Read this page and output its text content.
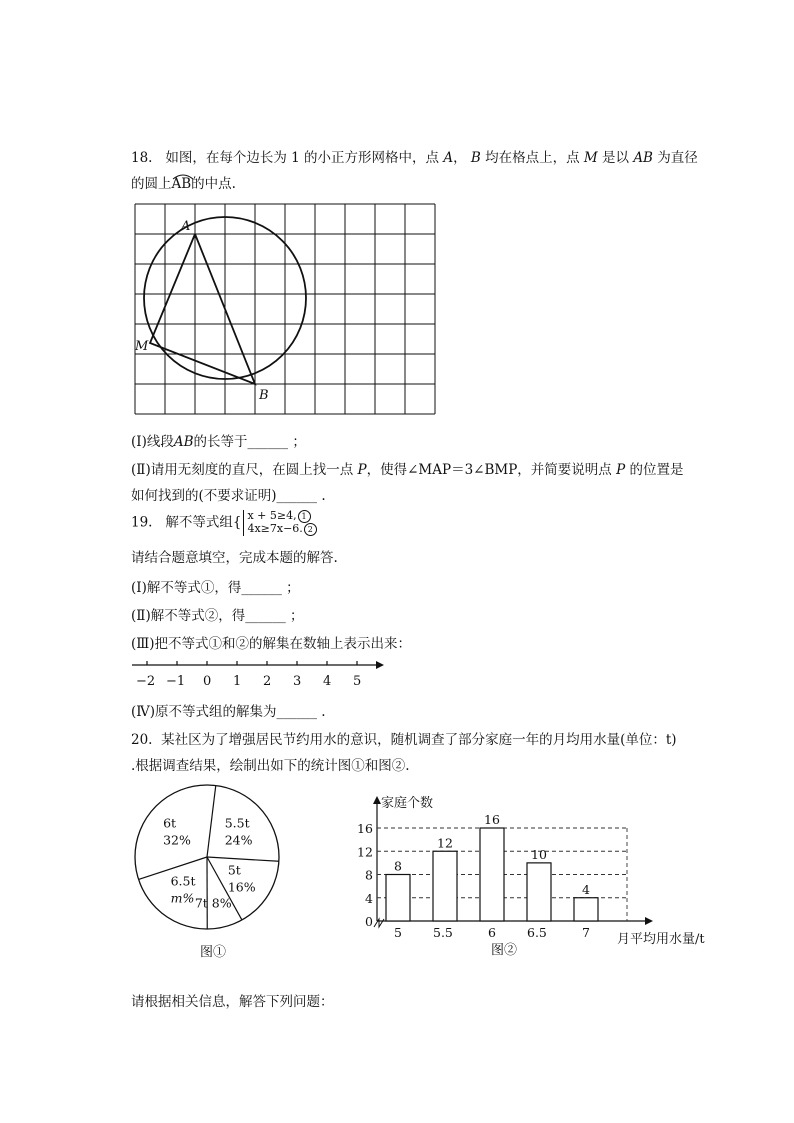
18. 如图，在每个边长为 1 的小正方形网格中，点 A， B 均在格点上，点 M 是以 AB 为直径
的圆上AB的中点.
A
M
B
(Ⅰ)线段AB的长等于______ ；
(Ⅱ)请用无刻度的直尺，在圆上找一点 P，使得∠MAP＝3∠BMP，并简要说明点 P 的位置是
如何找到的(不要求证明)______ .
19. 解不等式组{ x + 5≥4, 1
4x≥7x−6. 2
请结合题意填空，完成本题的解答.
(Ⅰ)解不等式①，得______ ；
(Ⅱ)解不等式②，得______ ；
(Ⅲ)把不等式①和②的解集在数轴上表示出来：
−2 −1 0 1 2 3 4 5
(Ⅳ)原不等式组的解集为______ .
20. 某社区为了增强居民节约用水的意识，随机调查了部分家庭一年的月均用水量(单位：t)
.根据调查结果，绘制出如下的统计图①和图②.
5.5t
24%
5t
16%
7t 8%
6.5t
m%
6t
32%
图①
家庭个数
月平均用水量/t
图②
0
4
8
12
16
8
5
12
5.5
16
6
10
6.5
4
7
请根据相关信息，解答下列问题：
